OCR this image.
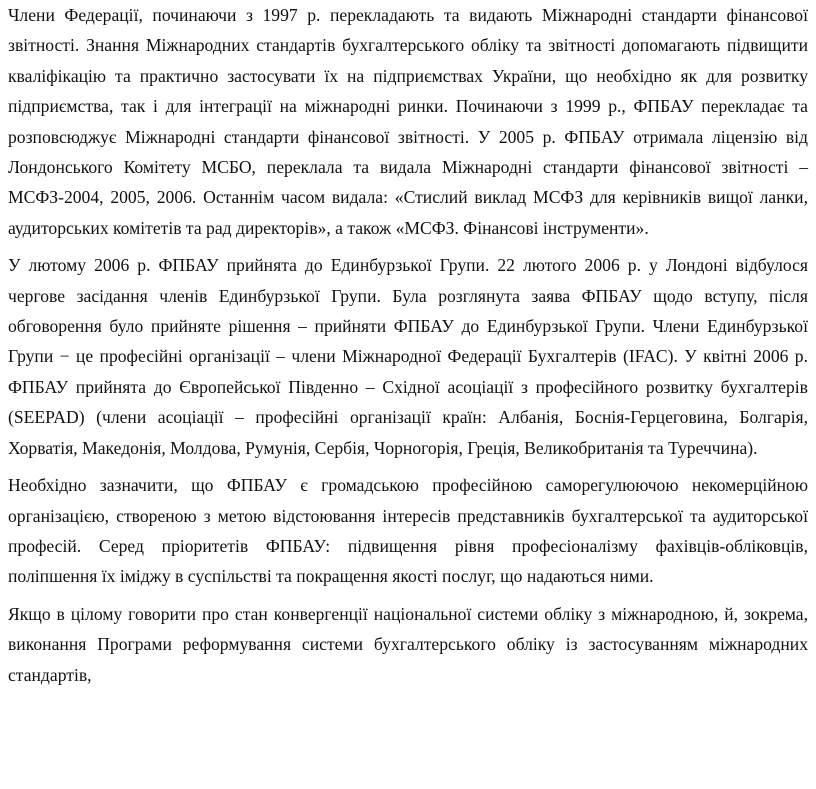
Члени Федерації, починаючи з 1997 р. перекладають та видають Міжнародні стандарти фінансової звітності. Знання Міжнародних стандартів бухгалтерського обліку та звітності допомагають підвищити кваліфікацію та практично застосувати їх на підприємствах України, що необхідно як для розвитку підприємства, так і для інтеграції на міжнародні ринки. Починаючи з 1999 р., ФПБАУ перекладає та розповсюджує Міжнародні стандарти фінансової звітності. У 2005 р. ФПБАУ отримала ліцензію від Лондонського Комітету МСБО, переклала та видала Міжнародні стандарти фінансової звітності – МСФЗ-2004, 2005, 2006. Останнім часом видала: «Стислий виклад МСФЗ для керівників вищої ланки, аудиторських комітетів та рад директорів», а також «МСФЗ. Фінансові інструменти».

У лютому 2006 р. ФПБАУ прийнята до Единбурзької Групи. 22 лютого 2006 р. у Лондоні відбулося чергове засідання членів Единбурзької Групи. Була розглянута заява ФПБАУ щодо вступу, після обговорення було прийняте рішення – прийняти ФПБАУ до Единбурзької Групи. Члени Единбурзької Групи − це професійні організації – члени Міжнародної Федерації Бухгалтерів (IFAC). У квітні 2006 р. ФПБАУ прийнята до Європейської Південно – Східної асоціації з професійного розвитку бухгалтерів (SEEPAD) (члени асоціації – професійні організації країн: Албанія, Боснія-Герцеговина, Болгарія, Хорватія, Македонія, Молдова, Румунія, Сербія, Чорногорія, Греція, Великобританія та Туреччина).

Необхідно зазначити, що ФПБАУ є громадською професійною саморегулюючою некомерційною організацією, створеною з метою відстоювання інтересів представників бухгалтерської та аудиторської професій. Серед пріоритетів ФПБАУ: підвищення рівня професіоналізму фахівців-обліковців, поліпшення їх іміджу в суспільстві та покращення якості послуг, що надаються ними.

Якщо в цілому говорити про стан конвергенції національної системи обліку з міжнародною, й, зокрема, виконання Програми реформування системи бухгалтерського обліку із застосуванням міжнародних стандартів,
